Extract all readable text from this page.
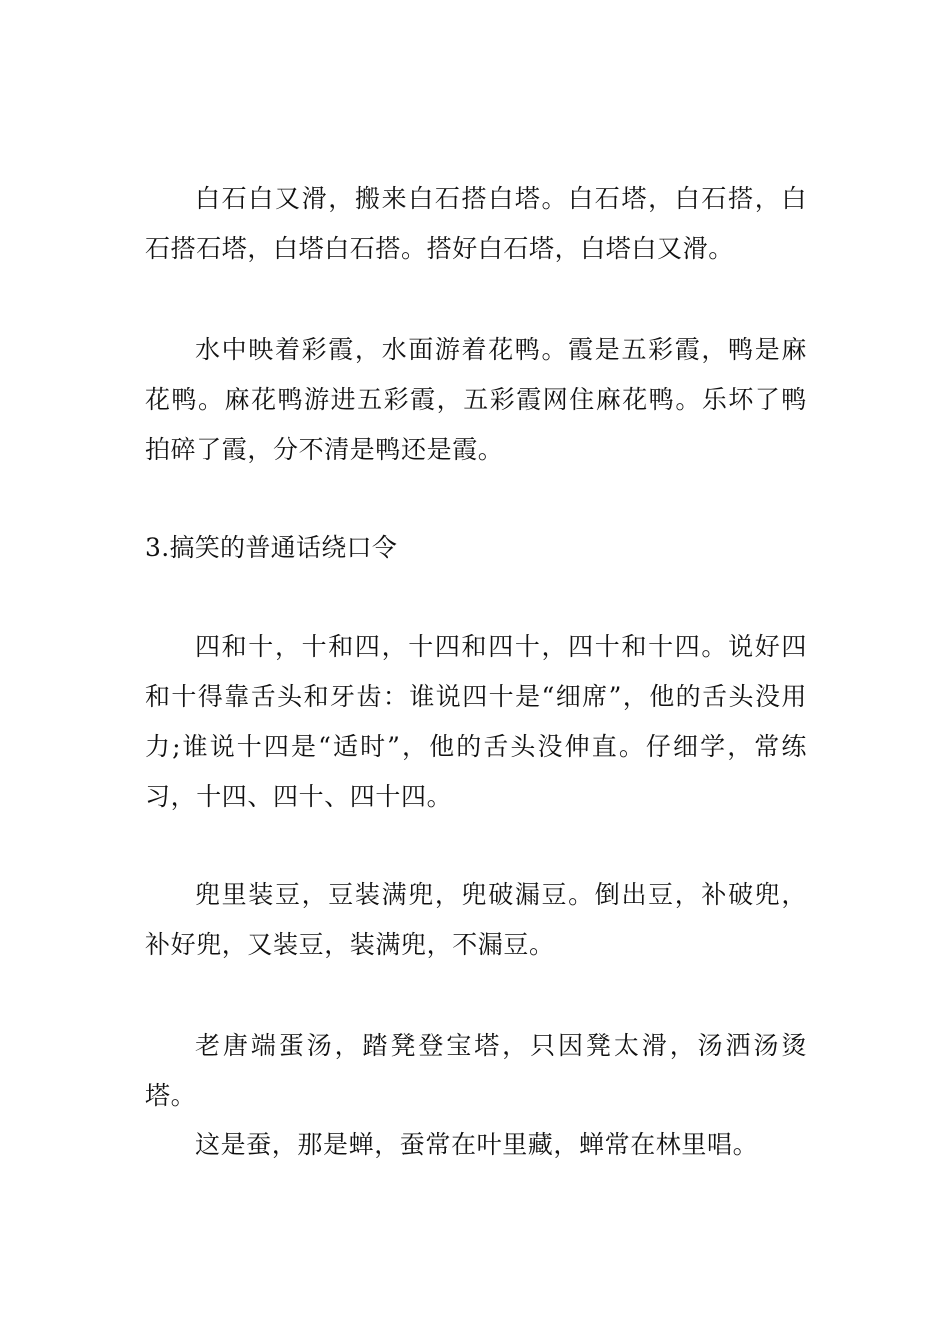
白石白又滑，搬来白石搭白塔。白石塔，白石搭，白石搭石塔，白塔白石搭。搭好白石塔，白塔白又滑。

水中映着彩霞，水面游着花鸭。霞是五彩霞，鸭是麻花鸭。麻花鸭游进五彩霞，五彩霞网住麻花鸭。乐坏了鸭拍碎了霞，分不清是鸭还是霞。

3.搞笑的普通话绕口令

四和十，十和四，十四和四十，四十和十四。说好四和十得靠舌头和牙齿：谁说四十是“细席”，他的舌头没用力;谁说十四是“适时”，他的舌头没伸直。仔细学，常练习，十四、四十、四十四。

兜里装豆，豆装满兜，兜破漏豆。倒出豆，补破兜，补好兜，又装豆，装满兜，不漏豆。

老唐端蛋汤，踏凳登宝塔，只因凳太滑，汤洒汤烫塔。

这是蚕，那是蝉，蚕常在叶里藏，蝉常在林里唱。
